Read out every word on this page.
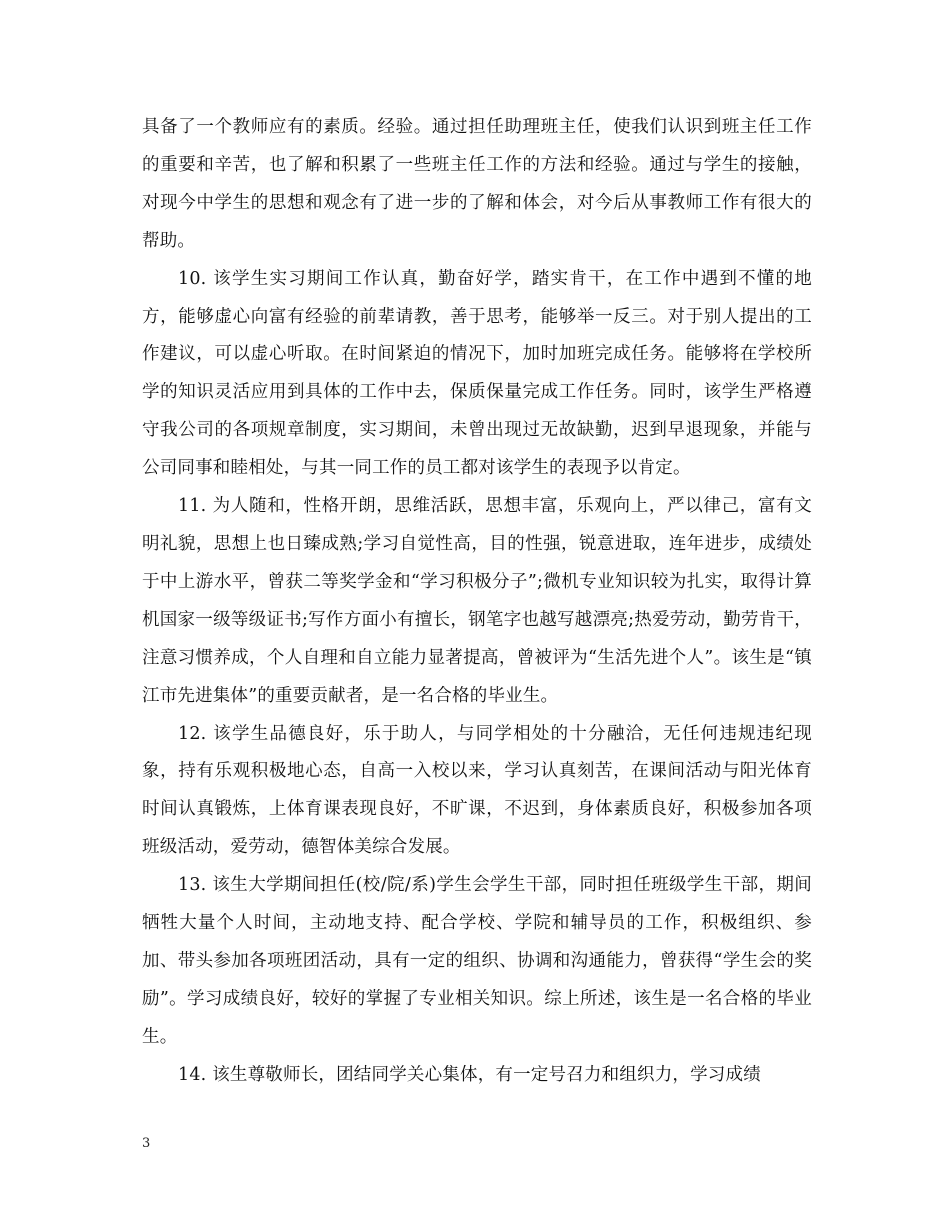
具备了一个教师应有的素质。经验。通过担任助理班主任，使我们认识到班主任工作的重要和辛苦，也了解和积累了一些班主任工作的方法和经验。通过与学生的接触，对现今中学生的思想和观念有了进一步的了解和体会，对今后从事教师工作有很大的帮助。

10. 该学生实习期间工作认真，勤奋好学，踏实肯干，在工作中遇到不懂的地方，能够虚心向富有经验的前辈请教，善于思考，能够举一反三。对于别人提出的工作建议，可以虚心听取。在时间紧迫的情况下，加时加班完成任务。能够将在学校所学的知识灵活应用到具体的工作中去，保质保量完成工作任务。同时，该学生严格遵守我公司的各项规章制度，实习期间，未曾出现过无故缺勤，迟到早退现象，并能与公司同事和睦相处，与其一同工作的员工都对该学生的表现予以肯定。

11. 为人随和，性格开朗，思维活跃，思想丰富，乐观向上，严以律己，富有文明礼貌，思想上也日臻成熟;学习自觉性高，目的性强，锐意进取，连年进步，成绩处于中上游水平，曾获二等奖学金和“学习积极分子”;微机专业知识较为扎实，取得计算机国家一级等级证书;写作方面小有擅长，钢笔字也越写越漂亮;热爱劳动，勤劳肯干，注意习惯养成，个人自理和自立能力显著提高，曾被评为“生活先进个人”。该生是“镇江市先进集体”的重要贡献者，是一名合格的毕业生。

12. 该学生品德良好，乐于助人，与同学相处的十分融洽，无任何违规违纪现象，持有乐观积极地心态，自高一入校以来，学习认真刻苦，在课间活动与阳光体育时间认真锻炼，上体育课表现良好，不旷课，不迟到，身体素质良好，积极参加各项班级活动，爱劳动，德智体美综合发展。

13. 该生大学期间担任(校/院/系)学生会学生干部，同时担任班级学生干部，期间牺牲大量个人时间，主动地支持、配合学校、学院和辅导员的工作，积极组织、参加、带头参加各项班团活动，具有一定的组织、协调和沟通能力，曾获得“学生会的奖励”。学习成绩良好，较好的掌握了专业相关知识。综上所述，该生是一名合格的毕业生。

14. 该生尊敬师长，团结同学关心集体，有一定号召力和组织力，学习成绩

3
